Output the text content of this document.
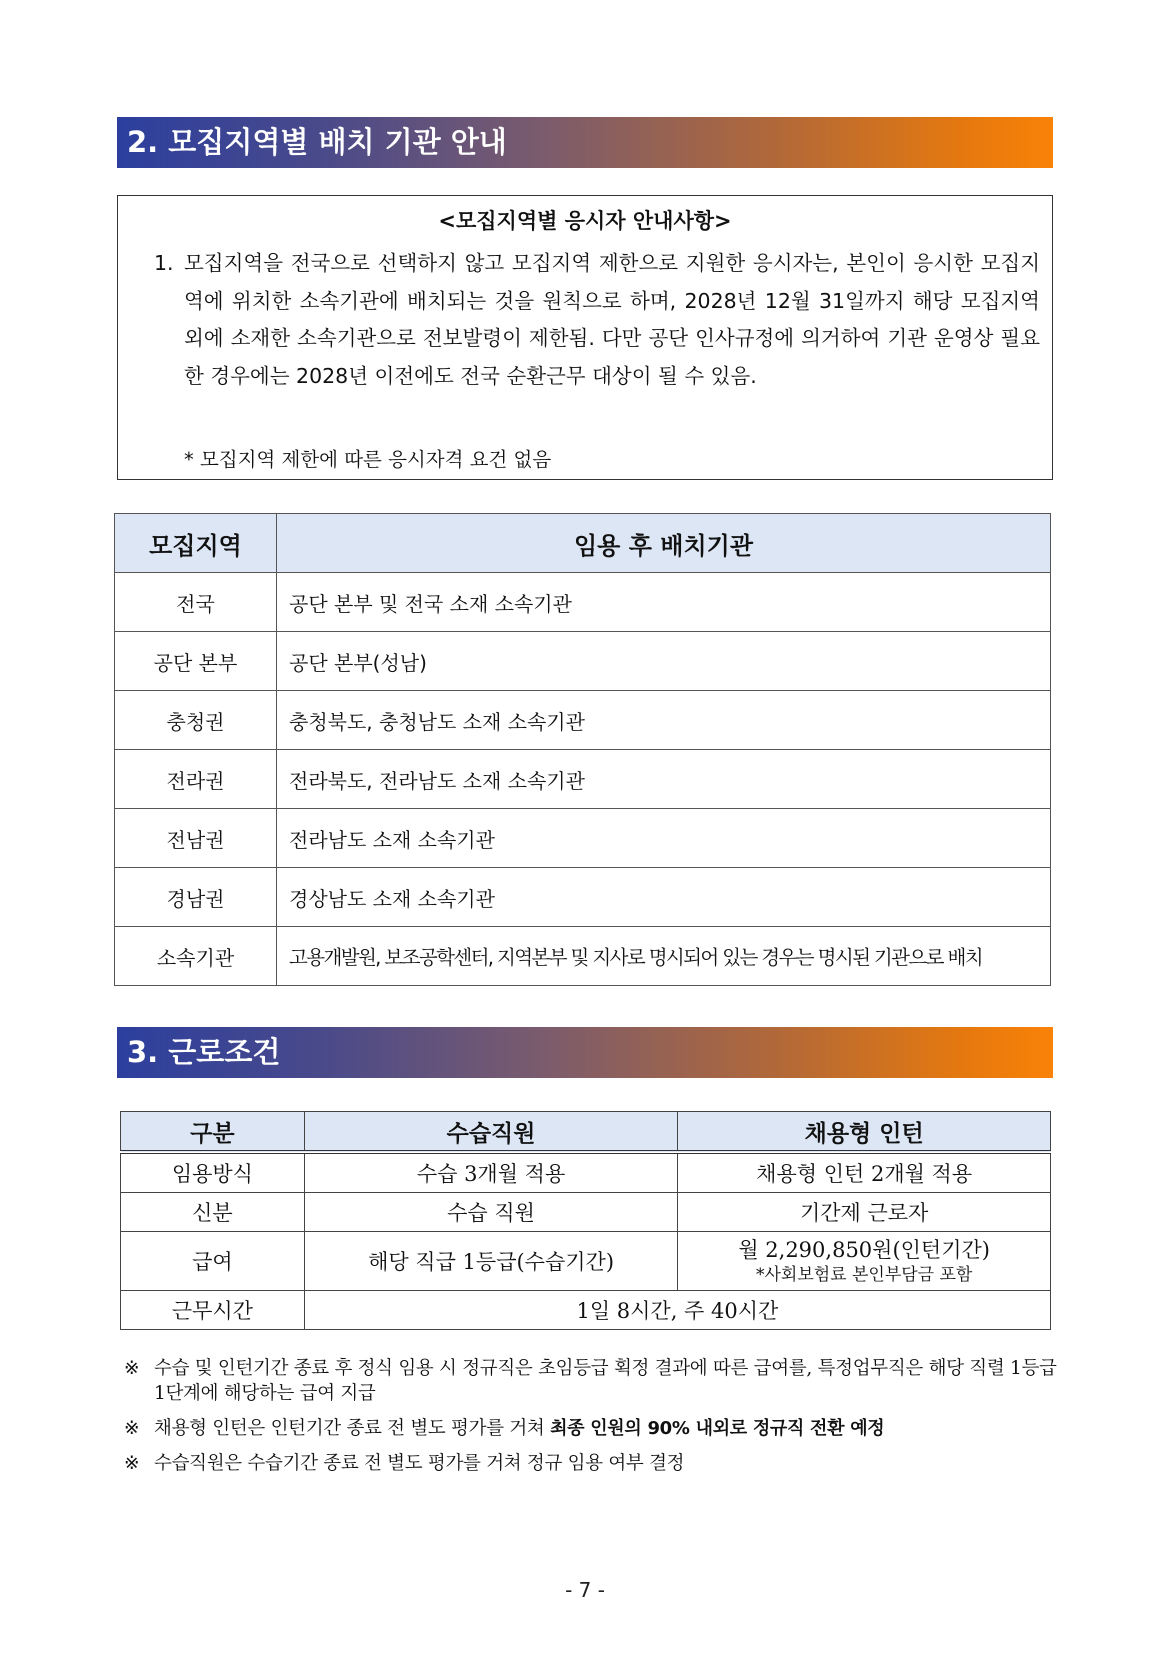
2. 모집지역별 배치 기관 안내
<모집지역별 응시자 안내사항>
1. 모집지역을 전국으로 선택하지 않고 모집지역 제한으로 지원한 응시자는, 본인이 응시한 모집지역에 위치한 소속기관에 배치되는 것을 원칙으로 하며, 2028년 12월 31일까지 해당 모집지역 외에 소재한 소속기관으로 전보발령이 제한됨. 다만 공단 인사규정에 의거하여 기관 운영상 필요한 경우에는 2028년 이전에도 전국 순환근무 대상이 될 수 있음.
* 모집지역 제한에 따른 응시자격 요건 없음
모집지역	임용 후 배치기관
전국	공단 본부 및 전국 소재 소속기관
공단 본부	공단 본부(성남)
충청권	충청북도, 충청남도 소재 소속기관
전라권	전라북도, 전라남도 소재 소속기관
전남권	전라남도 소재 소속기관
경남권	경상남도 소재 소속기관
소속기관	고용개발원, 보조공학센터, 지역본부 및 지사로 명시되어 있는 경우는 명시된 기관으로 배치
3. 근로조건
구분	수습직원	채용형 인턴
임용방식	수습 3개월 적용	채용형 인턴 2개월 적용
신분	수습 직원	기간제 근로자
급여	해당 직급 1등급(수습기간)	월 2,290,850원(인턴기간)
*사회보험료 본인부담금 포함

근무시간	1일 8시간, 주 40시간	
※ 수습 및 인턴기간 종료 후 정식 임용 시 정규직은 초임등급 획정 결과에 따른 급여를, 특정업무직은 해당 직렬 1등급 1단계에 해당하는 급여 지급
※ 채용형 인턴은 인턴기간 종료 전 별도 평가를 거쳐 최종 인원의 90% 내외로 정규직 전환 예정
※ 수습직원은 수습기간 종료 전 별도 평가를 거쳐 정규 임용 여부 결정
- 7 -
